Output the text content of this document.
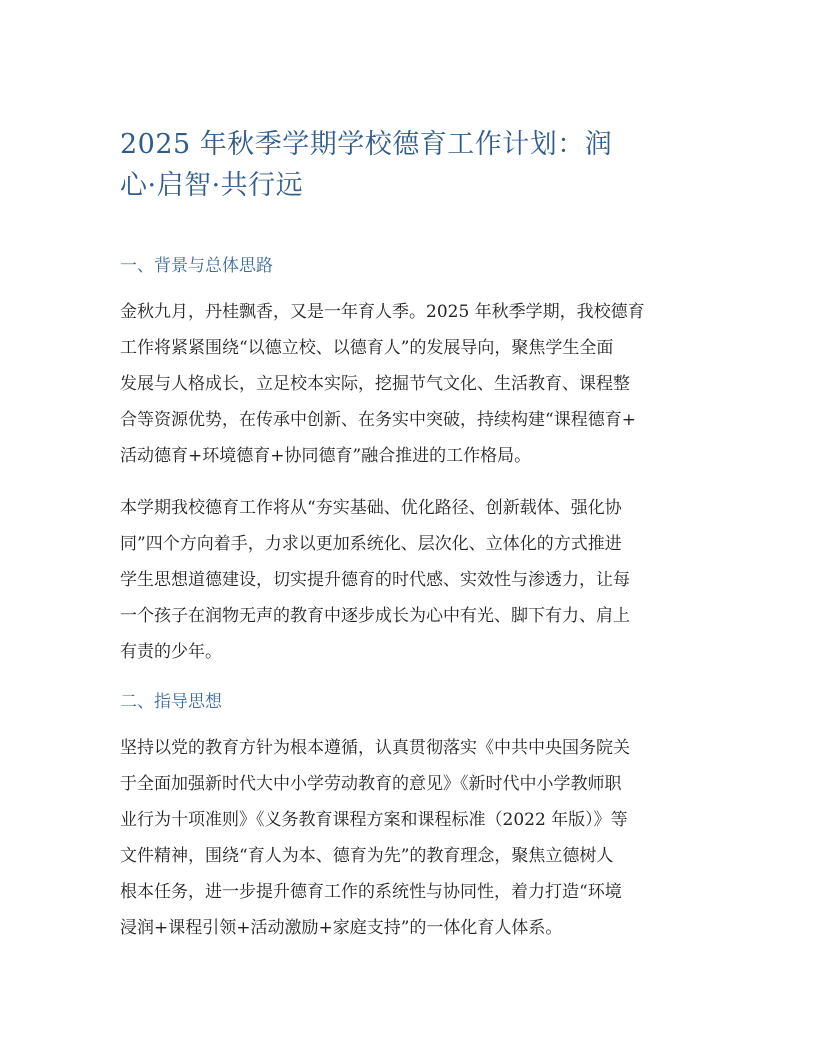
2025 年秋季学期学校德育工作计划：润
心·启智·共行远
一、背景与总体思路

金秋九月，丹桂飘香，又是一年育人季。2025 年秋季学期，我校德育
工作将紧紧围绕“以德立校、以德育人”的发展导向，聚焦学生全面
发展与人格成长，立足校本实际，挖掘节气文化、生活教育、课程整
合等资源优势，在传承中创新、在务实中突破，持续构建“课程德育+
活动德育+环境德育+协同德育”融合推进的工作格局。

本学期我校德育工作将从“夯实基础、优化路径、创新载体、强化协
同”四个方向着手，力求以更加系统化、层次化、立体化的方式推进
学生思想道德建设，切实提升德育的时代感、实效性与渗透力，让每
一个孩子在润物无声的教育中逐步成长为心中有光、脚下有力、肩上
有责的少年。

二、指导思想

坚持以党的教育方针为根本遵循，认真贯彻落实《中共中央国务院关
于全面加强新时代大中小学劳动教育的意见》《新时代中小学教师职
业行为十项准则》《义务教育课程方案和课程标准（2022 年版）》等
文件精神，围绕“育人为本、德育为先”的教育理念，聚焦立德树人
根本任务，进一步提升德育工作的系统性与协同性，着力打造“环境
浸润+课程引领+活动激励+家庭支持”的一体化育人体系。
